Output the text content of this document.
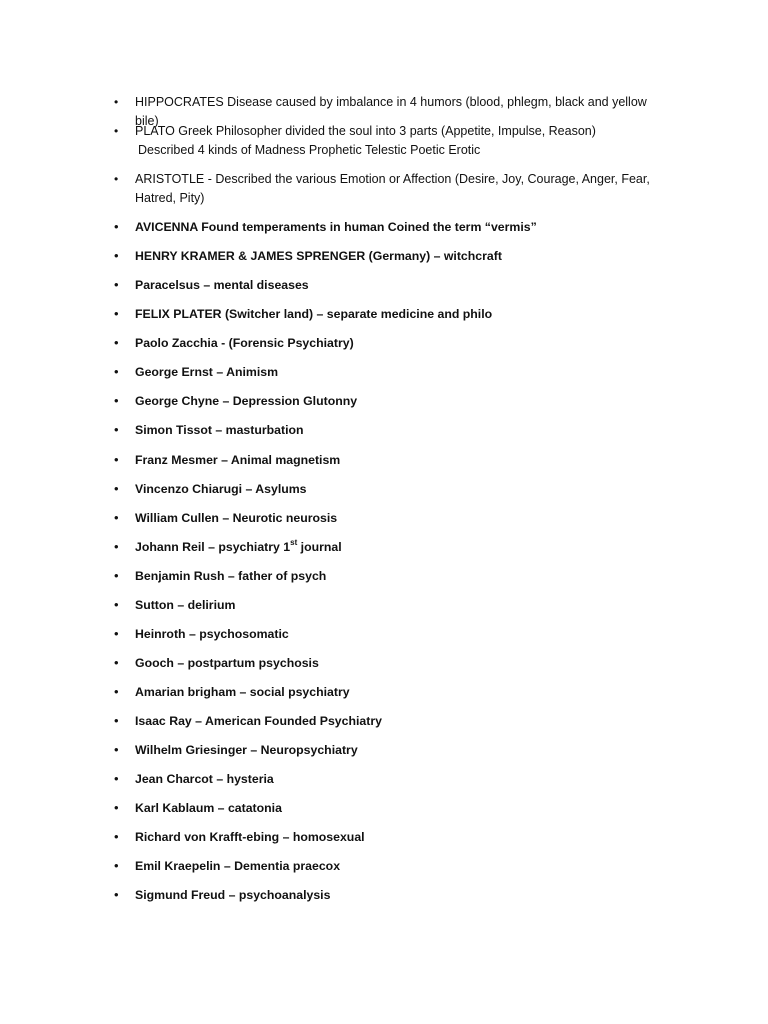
• HIPPOCRATES Disease caused by imbalance in 4 humors (blood, phlegm, black and yellow bile)
• PLATO Greek Philosopher divided the soul into 3 parts (Appetite, Impulse, Reason)
Described 4 kinds of Madness Prophetic Telestic Poetic Erotic
• ARISTOTLE - Described the various Emotion or Affection (Desire, Joy, Courage, Anger, Fear,
Hatred, Pity)
• AVICENNA Found temperaments in human Coined the term “vermis”
• HENRY KRAMER & JAMES SPRENGER (Germany) – witchcraft
• Paracelsus – mental diseases
• FELIX PLATER (Switcher land) – separate medicine and philo
• Paolo Zacchia - (Forensic Psychiatry)
• George Ernst – Animism
• George Chyne – Depression Glutonny
• Simon Tissot – masturbation
• Franz Mesmer – Animal magnetism
• Vincenzo Chiarugi – Asylums
• William Cullen – Neurotic neurosis
• Johann Reil – psychiatry 1st journal
• Benjamin Rush – father of psych
• Sutton – delirium
• Heinroth – psychosomatic
• Gooch – postpartum psychosis
• Amarian brigham – social psychiatry
• Isaac Ray – American Founded Psychiatry
• Wilhelm Griesinger – Neuropsychiatry
• Jean Charcot – hysteria
• Karl Kablaum – catatonia
• Richard von Krafft-ebing – homosexual
• Emil Kraepelin – Dementia praecox
• Sigmund Freud – psychoanalysis
